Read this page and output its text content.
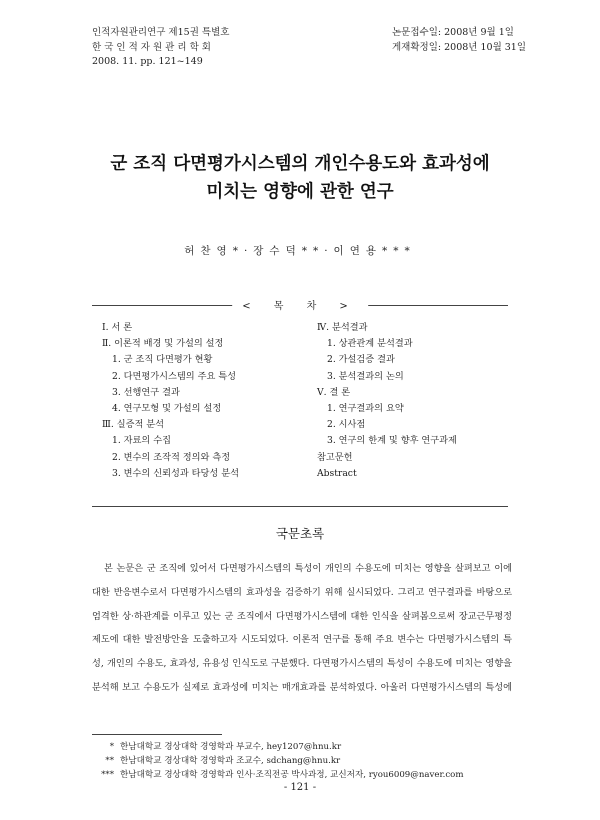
인적자원관리연구 제15권 특별호
한 국 인 적 자 원 관 리 학 회
2008. 11. pp. 121~149
논문접수일: 2008년 9월 1일
게재확정일: 2008년 10월 31일
군 조직 다면평가시스템의 개인수용도와 효과성에
미치는 영향에 관한 연구
허찬영*·장수덕**·이연용***
< 목 차 >
Ⅰ. 서 론
Ⅱ. 이론적 배경 및 가설의 설정
1. 군 조직 다면평가 현황
2. 다면평가시스템의 주요 특성
3. 선행연구 결과
4. 연구모형 및 가설의 설정
Ⅲ. 실증적 분석
1. 자료의 수집
2. 변수의 조작적 정의와 측정
3. 변수의 신뢰성과 타당성 분석
Ⅳ. 분석결과
1. 상관관계 분석결과
2. 가설검증 결과
3. 분석결과의 논의
Ⅴ. 결 론
1. 연구결과의 요약
2. 시사점
3. 연구의 한계 및 향후 연구과제
참고문헌
Abstract
국문초록
본 논문은 군 조직에 있어서 다면평가시스템의 특성이 개인의 수용도에 미치는 영향을 살펴보고 이에
대한 반응변수로서 다면평가시스템의 효과성을 검증하기 위해 실시되었다. 그리고 연구결과를 바탕으로
엄격한 상·하관계를 이루고 있는 군 조직에서 다면평가시스템에 대한 인식을 살펴봄으로써 장교근무평정
제도에 대한 발전방안을 도출하고자 시도되었다. 이론적 연구를 통해 주요 변수는 다면평가시스템의 특
성, 개인의 수용도, 효과성, 유용성 인식도로 구분했다. 다면평가시스템의 특성이 수용도에 미치는 영향을
분석해 보고 수용도가 실제로 효과성에 미치는 매개효과를 분석하였다. 아울러 다면평가시스템의 특성에
* 한남대학교 경상대학 경영학과 부교수, hey1207@hnu.kr
** 한남대학교 경상대학 경영학과 조교수, sdchang@hnu.kr
*** 한남대학교 경상대학 경영학과 인사·조직전공 박사과정, 교신저자, ryou6009@naver.com
- 121 -
